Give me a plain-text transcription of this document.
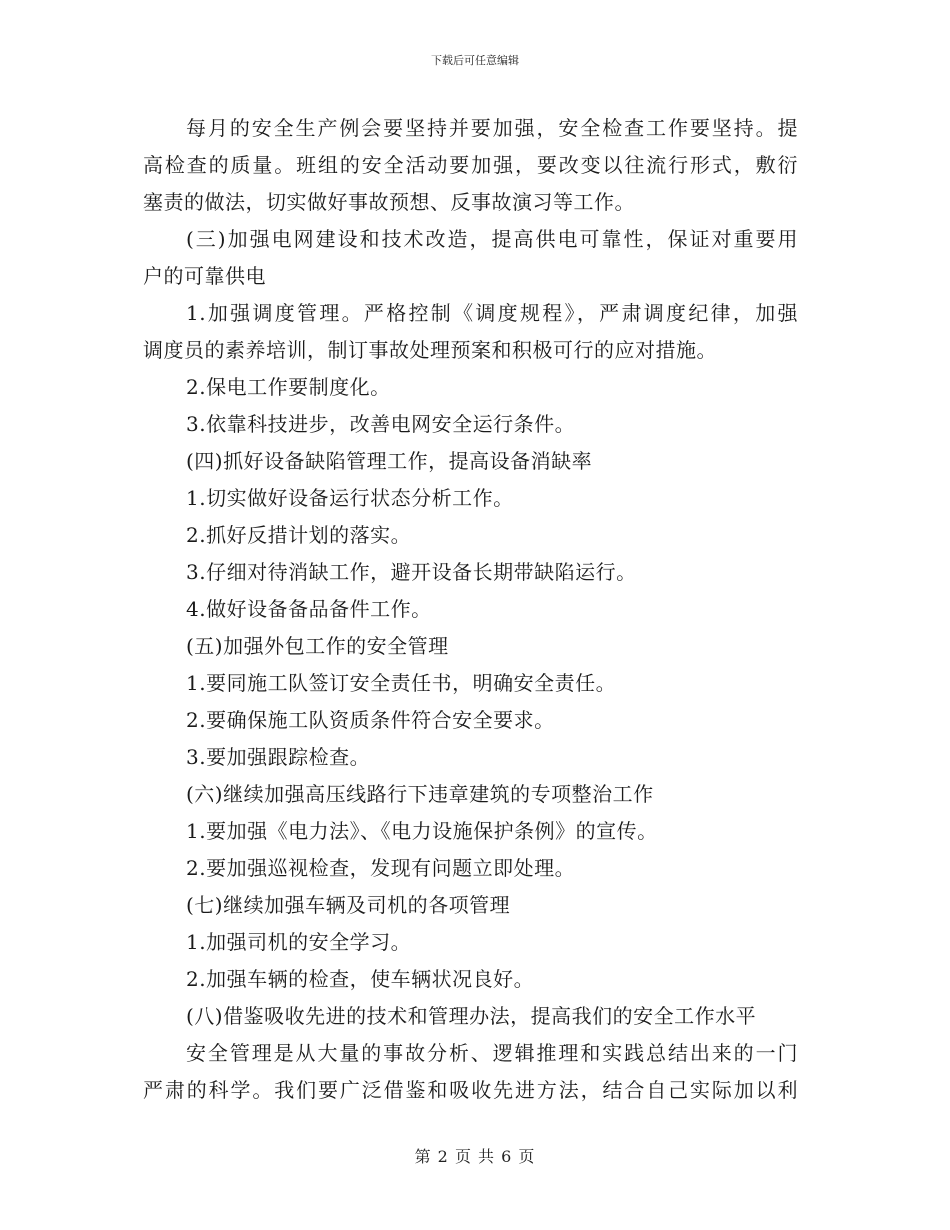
下载后可任意编辑
每月的安全生产例会要坚持并要加强，安全检查工作要坚持。提
高检查的质量。班组的安全活动要加强，要改变以往流行形式，敷衍
塞责的做法，切实做好事故预想、反事故演习等工作。
(三)加强电网建设和技术改造，提高供电可靠性，保证对重要用
户的可靠供电
1.加强调度管理。严格控制《调度规程》，严肃调度纪律，加强
调度员的素养培训，制订事故处理预案和积极可行的应对措施。
2.保电工作要制度化。
3.依靠科技进步，改善电网安全运行条件。
(四)抓好设备缺陷管理工作，提高设备消缺率
1.切实做好设备运行状态分析工作。
2.抓好反措计划的落实。
3.仔细对待消缺工作，避开设备长期带缺陷运行。
4.做好设备备品备件工作。
(五)加强外包工作的安全管理
1.要同施工队签订安全责任书，明确安全责任。
2.要确保施工队资质条件符合安全要求。
3.要加强跟踪检查。
(六)继续加强高压线路行下违章建筑的专项整治工作
1.要加强《电力法》、《电力设施保护条例》的宣传。
2.要加强巡视检查，发现有问题立即处理。
(七)继续加强车辆及司机的各项管理
1.加强司机的安全学习。
2.加强车辆的检查，使车辆状况良好。
(八)借鉴吸收先进的技术和管理办法，提高我们的安全工作水平
安全管理是从大量的事故分析、逻辑推理和实践总结出来的一门
严肃的科学。我们要广泛借鉴和吸收先进方法，结合自己实际加以利
第 2 页 共 6 页
